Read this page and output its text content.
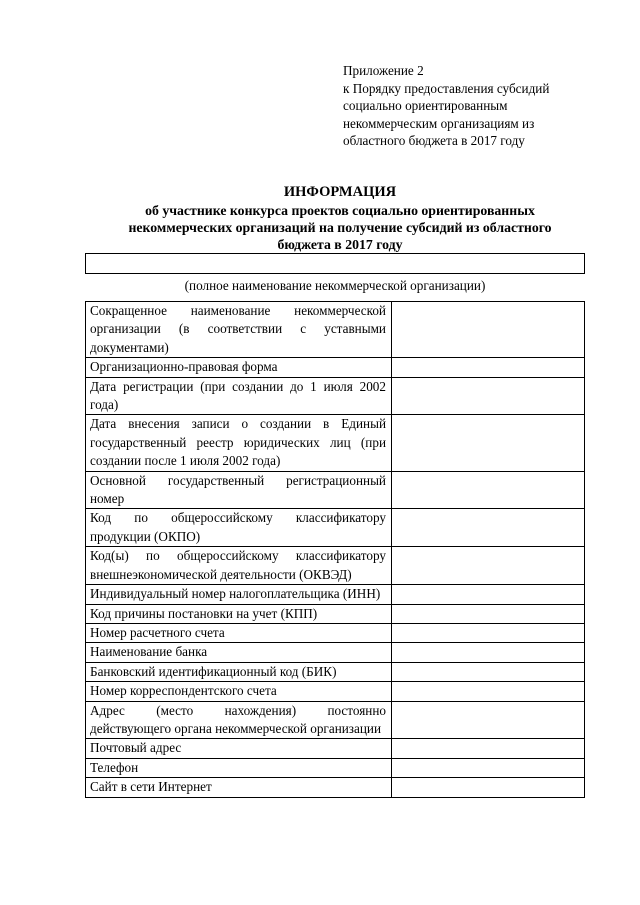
Приложение 2
к Порядку предоставления субсидий
социально ориентированным
некоммерческим организациям из
областного бюджета в 2017 году
ИНФОРМАЦИЯ
об участнике конкурса проектов социально ориентированных
некоммерческих организаций на получение субсидий из областного
бюджета в 2017 году
(полное наименование некоммерческой организации)
Сокращенное наименование некоммерческой организации (в соответствии с уставными документами)	
Организационно-правовая форма	
Дата регистрации (при создании до 1 июля 2002 года)	
Дата внесения записи о создании в Единый государственный реестр юридических лиц (при создании после 1 июля 2002 года)	
Основной государственный регистрационный номер	
Код по общероссийскому классификатору продукции (ОКПО)	
Код(ы) по общероссийскому классификатору внешнеэкономической деятельности (ОКВЭД)	
Индивидуальный номер налогоплательщика (ИНН)	
Код причины постановки на учет (КПП)	
Номер расчетного счета	
Наименование банка	
Банковский идентификационный код (БИК)	
Номер корреспондентского счета	
Адрес (место нахождения) постоянно действующего органа некоммерческой организации	
Почтовый адрес	
Телефон	
Сайт в сети Интернет	
